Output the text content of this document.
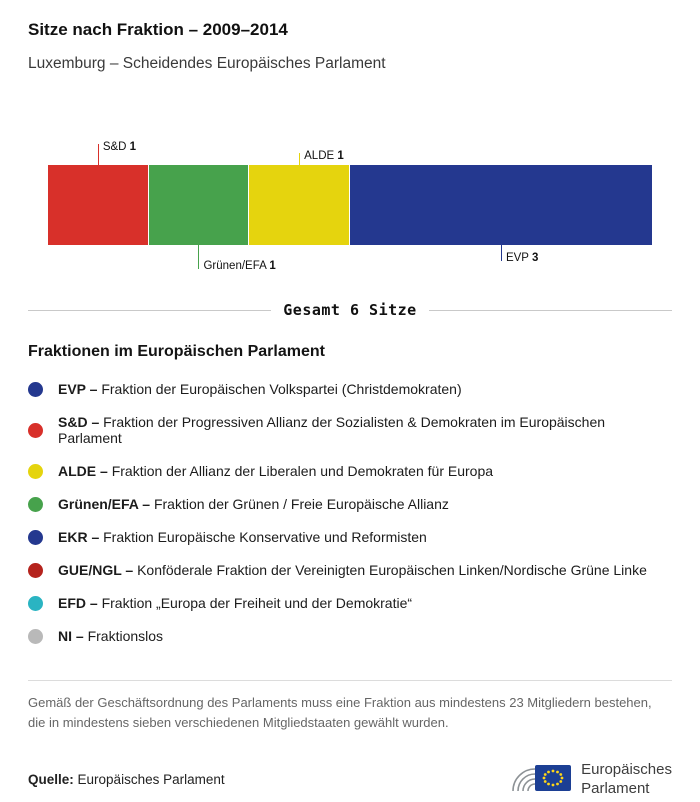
Sitze nach Fraktion – 2009–2014
Luxemburg – Scheidendes Europäisches Parlament
S&D 1
Grünen/EFA 1
ALDE 1
EVP 3
Gesamt 6 Sitze
Fraktionen im Europäischen Parlament
EVP – Fraktion der Europäischen Volkspartei (Christdemokraten)
S&D – Fraktion der Progressiven Allianz der Sozialisten & Demokraten im Europäischen Parlament
ALDE – Fraktion der Allianz der Liberalen und Demokraten für Europa
Grünen/EFA – Fraktion der Grünen / Freie Europäische Allianz
EKR – Fraktion Europäische Konservative und Reformisten
GUE/NGL – Konföderale Fraktion der Vereinigten Europäischen Linken/Nordische Grüne Linke
EFD – Fraktion „Europa der Freiheit und der Demokratie“
NI – Fraktionslos
Gemäß der Geschäftsordnung des Parlaments muss eine Fraktion aus mindestens 23 Mitgliedern bestehen, die in mindestens sieben verschiedenen Mitgliedstaaten gewählt wurden.
Quelle: Europäisches Parlament
Europäisches
Parlament
